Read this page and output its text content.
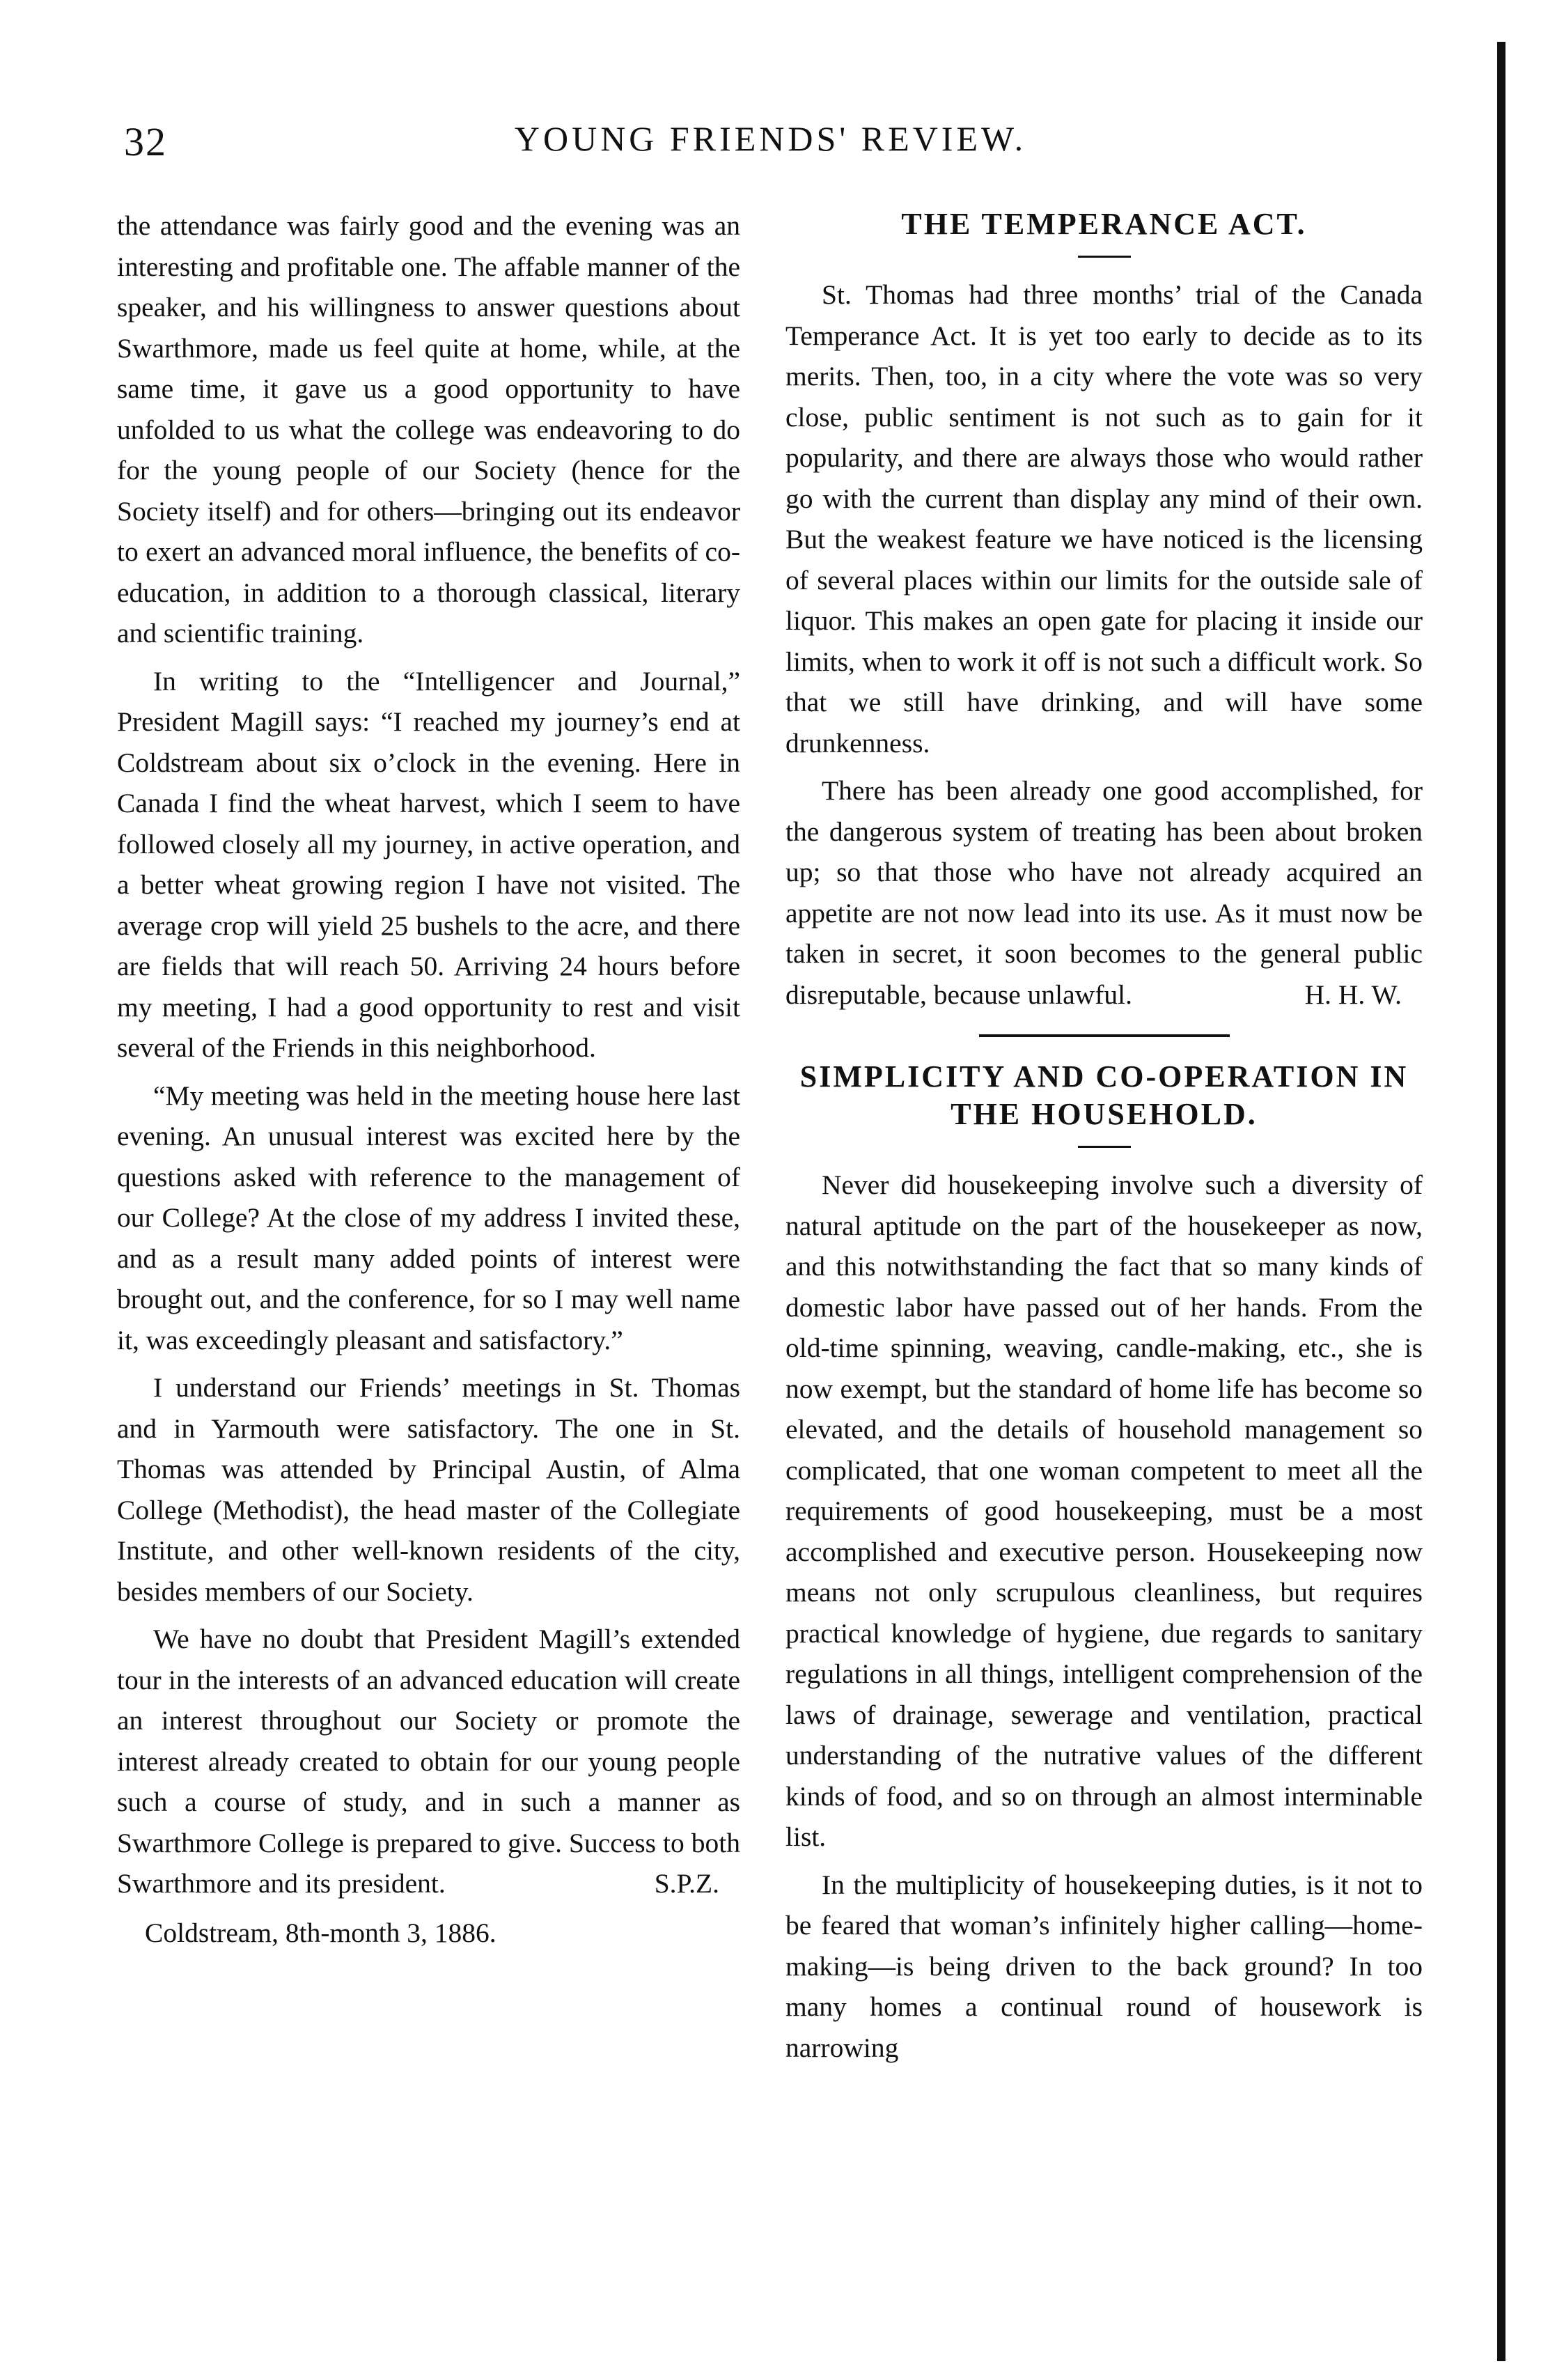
32	YOUNG FRIENDS' REVIEW.

the attendance was fairly good and the evening was an interesting and profitable one. The affable manner of the speaker, and his willingness to answer questions about Swarthmore, made us feel quite at home, while, at the same time, it gave us a good opportunity to have unfolded to us what the college was endeavoring to do for the young people of our Society (hence for the Society itself) and for others—bringing out its endeavor to exert an advanced moral influence, the benefits of co-education, in addition to a thorough classical, literary and scientific training.

In writing to the “Intelligencer and Journal,” President Magill says: “I reached my journey’s end at Coldstream about six o’clock in the evening. Here in Canada I find the wheat harvest, which I seem to have followed closely all my journey, in active operation, and a better wheat growing region I have not visited. The average crop will yield 25 bushels to the acre, and there are fields that will reach 50. Arriving 24 hours before my meeting, I had a good opportunity to rest and visit several of the Friends in this neighborhood.

“My meeting was held in the meeting house here last evening. An unusual interest was excited here by the questions asked with reference to the management of our College? At the close of my address I invited these, and as a result many added points of interest were brought out, and the conference, for so I may well name it, was exceedingly pleasant and satisfactory.”

I understand our Friends’ meetings in St. Thomas and in Yarmouth were satisfactory. The one in St. Thomas was attended by Principal Austin, of Alma College (Methodist), the head master of the Collegiate Institute, and other well-known residents of the city, besides members of our Society.

We have no doubt that President Magill’s extended tour in the interests of an advanced education will create an interest throughout our Society or promote the interest already created to obtain for our young people such a course of study, and in such a manner as Swarthmore College is prepared to give. Success to both Swarthmore and its president.	S.P.Z.

Coldstream, 8th-month 3, 1886.

THE TEMPERANCE ACT.

St. Thomas had three months’ trial of the Canada Temperance Act. It is yet too early to decide as to its merits. Then, too, in a city where the vote was so very close, public sentiment is not such as to gain for it popularity, and there are always those who would rather go with the current than display any mind of their own. But the weakest feature we have noticed is the licensing of several places within our limits for the outside sale of liquor. This makes an open gate for placing it inside our limits, when to work it off is not such a difficult work. So that we still have drinking, and will have some drunkenness.

There has been already one good accomplished, for the dangerous system of treating has been about broken up; so that those who have not already acquired an appetite are not now lead into its use. As it must now be taken in secret, it soon becomes to the general public disreputable, because unlawful.	H. H. W.

SIMPLICITY AND CO-OPERATION IN
THE HOUSEHOLD.

Never did housekeeping involve such a diversity of natural aptitude on the part of the housekeeper as now, and this notwithstanding the fact that so many kinds of domestic labor have passed out of her hands. From the old-time spinning, weaving, candle-making, etc., she is now exempt, but the standard of home life has become so elevated, and the details of household management so complicated, that one woman competent to meet all the requirements of good housekeeping, must be a most accomplished and executive person. Housekeeping now means not only scrupulous cleanliness, but requires practical knowledge of hygiene, due regards to sanitary regulations in all things, intelligent comprehension of the laws of drainage, sewerage and ventilation, practical understanding of the nutrative values of the different kinds of food, and so on through an almost interminable list.

In the multiplicity of housekeeping duties, is it not to be feared that woman’s infinitely higher calling—home-making—is being driven to the back ground? In too many homes a continual round of housework is narrowing
